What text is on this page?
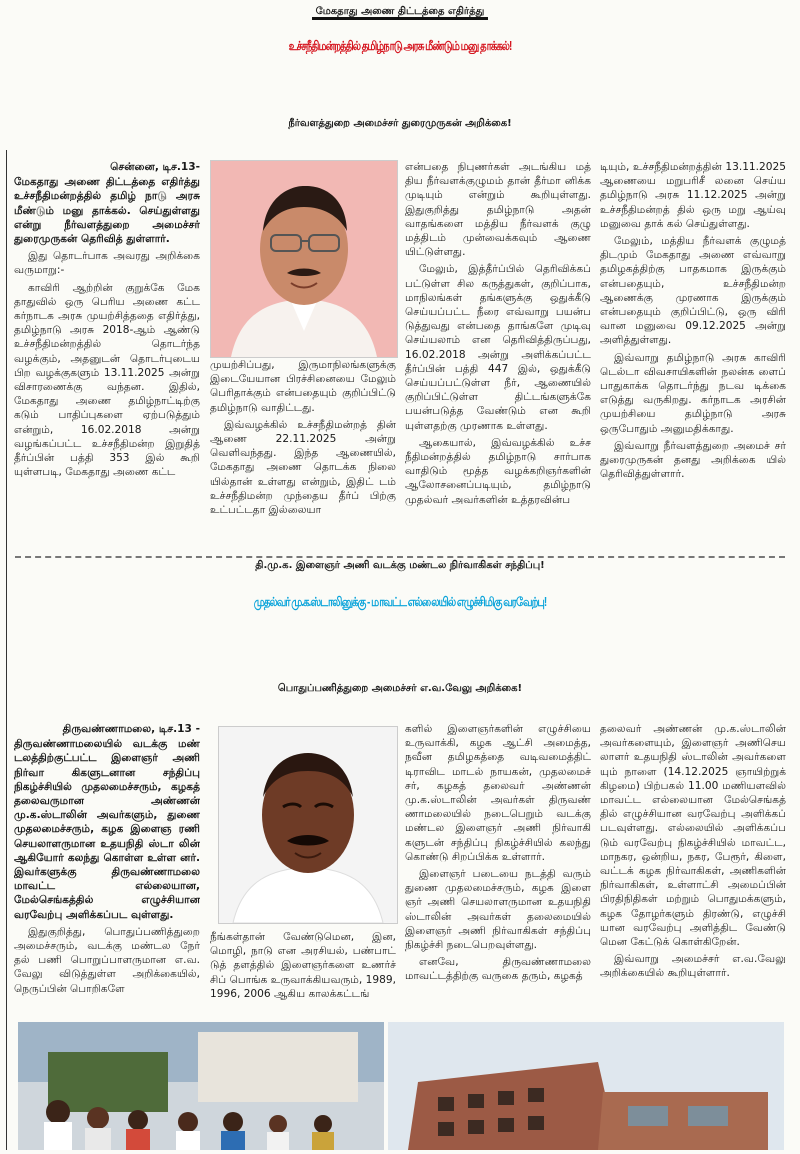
மேகதாது அணை திட்டத்தை எதிர்த்து
உச்சநீதிமன்றத்தில் தமிழ்நாடு அரசு மீண்டும் மனு தாக்கல்!
நீர்வளத்துறை அமைச்சர் துரைமுருகன் அறிக்கை!
சென்னை, டிச.13-

மேகதாது அணை திட்டத்தை எதிர்த்து உச்சநீதிமன்றத்தில் தமிழ் நாடு அரசு மீண்டும் மனு தாக்கல். செய்துள்ளது என்று நீர்வளத்துறை அமைச்சர் துரைமுருகன் தெரிவித் துள்ளார்.

இது தொடர்பாக அவரது அறிக்கை வருமாறு:-

காவிரி ஆற்றின் குறுக்கே மேக தாதுவில் ஒரு பெரிய அணை கட்ட கர்நாடக அரசு முயற்சித்ததை எதிர்த்து, தமிழ்நாடு அரசு 2018-ஆம் ஆண்டு உச்சநீதிமன்றத்தில் தொடர்ந்த வழக்கும், அதனுடன் தொடர்புடைய பிற வழக்குகளும் 13.11.2025 அன்று விசாரணைக்கு வந்தன. இதில், மேகதாது அணை தமிழ்நாட்டிற்கு கடும் பாதிப்புகளை ஏற்படுத்தும் என்றும், 16.02.2018 அன்று வழங்கப்பட்ட உச்சநீதிமன்ற இறுதித் தீர்ப்பின் பத்தி 353 இல் கூறி யுள்ளபடி, மேகதாது அணை கட்ட

முயற்சிப்பது, இருமாநிலங்களுக்கு இடையேயான பிரச்சினையை மேலும் பெரிதாக்கும் என்பதையும் குறிப்பிட்டு தமிழ்நாடு வாதிட்டது.

இவ்வழக்கில் உச்சநீதிமன்றத் தின் ஆணை 22.11.2025 அன்று வெளிவந்தது. இந்த ஆணையில், மேகதாது அணை தொடக்க நிலை யில்தான் உள்ளது என்றும், இதிட் டம் உச்சநீதிமன்ற முந்தைய தீர்ப் பிற்கு உட்பட்டதா இல்லையா

என்பதை நிபுணர்கள் அடங்கிய மத் திய நீர்வளக்குழுமம் தான் தீர்மா னிக்க முடியும் என்றும் கூறியுள்ளது. இதுகுறித்து தமிழ்நாடு அதன் வாதங்களை மத்திய நீர்வளக் குழு மத்திடம் முன்வைக்கவும் ஆணை யிட்டுள்ளது.

மேலும், இத்தீர்ப்பில் தெரிவிக்கப் பட்டுள்ள சில கருத்துகள், குறிப்பாக, மாநிலங்கள் தங்களுக்கு ஒதுக்கீடு செய்யப்பட்ட நீரை எவ்வாறு பயன்ப டுத்துவது என்பதை தாங்களே முடிவு செய்யலாம் என தெரிவித்திருப்பது, 16.02.2018 அன்று அளிக்கப்பட்ட தீர்ப்பின் பத்தி 447 இல், ஒதுக்கீடு செய்யப்பட்டுள்ள நீர், ஆணையில் குறிப்பிட்டுள்ள திட்டங்களுக்கே பயன்படுத்த வேண்டும் என கூறி யுள்ளதற்கு முரணாக உள்ளது.

ஆகையால், இவ்வழக்கில் உச்ச நீதிமன்றத்தில் தமிழ்நாடு சார்பாக வாதிடும் மூத்த வழக்கறிஞர்களின் ஆலோசனைப்படியும், தமிழ்நாடு முதல்வர் அவர்களின் உத்தரவின்ப

டியும், உச்சநீதிமன்றத்தின் 13.11.2025 ஆணையை மறுபரிசீ லனை செய்ய தமிழ்நாடு அரசு 11.12.2025 அன்று உச்சநீதிமன்றத் தில் ஒரு மறு ஆய்வு மனுவை தாக் கல் செய்துள்ளது.

மேலும், மத்திய நீர்வளக் குழுமத் திடமும் மேகதாது அணை எவ்வாறு தமிழகத்திற்கு பாதகமாக இருக்கும் என்பதையும், உச்சநீதிமன்ற ஆணைக்கு முரணாக இருக்கும் என்பதையும் குறிப்பிட்டு, ஒரு விரி வான மனுவை 09.12.2025 அன்று அளித்துள்ளது.

இவ்வாறு தமிழ்நாடு அரசு காவிரி டெல்டா விவசாயிகளின் நலன்க ளைப் பாதுகாக்க தொடர்ந்து நடவ டிக்கை எடுத்து வருகிறது. கர்நாடக அரசின் முயற்சியை தமிழ்நாடு அரசு ஒருபோதும் அனுமதிக்காது.

இவ்வாறு நீர்வளத்துறை அமைச் சர் துரைமுருகன் தனது அறிக்கை யில் தெரிவித்துள்ளார்.

தி.மு.க. இளைஞர் அணி வடக்கு மண்டல நிர்வாகிகள் சந்திப்பு!
முதல்வர் மு.க.ஸ்டாலினுக்கு - மாவட்ட எல்லையில் எழுச்சிமிகு வரவேற்பு!
பொதுப்பணித்துறை அமைச்சர் எ.வ.வேலு அறிக்கை!
திருவண்ணாமலை, டிச.13 -

திருவண்ணாமலையில் வடக்கு மண் டலத்திற்குட்பட்ட இளைஞர் அணி நிர்வா கிகளுடனான சந்திப்பு நிகழ்ச்சியில் முதலமைச்சரும், கழகத் தலைவருமான அண்ணன் மு.க.ஸ்டாலின் அவர்களும், துணை முதலமைச்சரும், கழக இளைஞ ரணி செயலாளருமான உதயநிதி ஸ்டா லின் ஆகியோர் கலந்து கொள்ள உள்ள னர். இவர்களுக்கு திருவண்ணாமலை மாவட்ட எல்லையான, மேல்செங்கத்தில் எழுச்சியான வரவேற்பு அளிக்கப்பட வுள்ளது.

இதுகுறித்து, பொதுப்பணித்துறை அமைச்சரும், வடக்கு மண்டல நேர் தல் பணி பொறுப்பாளருமான எ.வ. வேலு விடுத்துள்ள அறிக்கையில், நெருப்பின் பொறிகளே

நீங்கள்தான் வேண்டுமென, இன, மொழி, நாடு என அரசியல், பண்பாட் டுத் தளத்தில் இளைஞர்களை உணர்ச் சிப் பொங்க உருவாக்கியவரும், 1989, 1996, 2006 ஆகிய காலக்கட்டங்

களில் இளைஞர்களின் எழுச்சியை உருவாக்கி, கழக ஆட்சி அமைத்த, நவீன தமிழகத்தை வடிவமைத்திட் டிராவிட மாடல் நாயகன், முதலமைச் சர், கழகத் தலைவர் அண்ணன் மு.க.ஸ்டாலின் அவர்கள் திருவண் ணாமலையில் நடைபெறும் வடக்கு மண்டல இளைஞர் அணி நிர்வாகி களுடன் சந்திப்பு நிகழ்ச்சியில் கலந்து கொண்டு சிறப்பிக்க உள்ளார்.

இளைஞர் படையை நடத்தி வரும் துணை முதலமைச்சரும், கழக இளை ஞர் அணி செயலாளருமான உதயநிதி ஸ்டாலின் அவர்கள் தலைமையில் இளைஞர் அணி நிர்வாகிகள் சந்திப்பு நிகழ்ச்சி நடைபெறவுள்ளது.

எனவே, திருவண்ணாமலை மாவட்டத்திற்கு வருகை தரும், கழகத்

தலைவர் அண்ணன் மு.க.ஸ்டாலின் அவர்களையும், இளைஞர் அணிசெய லாளர் உதயநிதி ஸ்டாலின் அவர்களை யும் நாளை (14.12.2025 ஞாயிற்றுக் கிழமை) பிற்பகல் 11.00 மணியளவில் மாவட்ட எல்லையான மேல்செங்கத் தில் எழுச்சியான வரவேற்பு அளிக்கப் படவுள்ளது. எல்லையில் அளிக்கப்ப டும் வரவேற்பு நிகழ்ச்சியில் மாவட்ட, மாநகர, ஒன்றிய, நகர, பேரூர், கிளை, வட்டக் கழக நிர்வாகிகள், அணிகளின் நிர்வாகிகள், உள்ளாட்சி அமைப்பின் பிரதிநிதிகள் மற்றும் பொதுமக்களும், கழக தோழர்களும் திரண்டு, எழுச்சி யான வரவேற்பு அளித்திட வேண்டு மென கேட்டுக் கொள்கிறேன்.

இவ்வாறு அமைச்சர் எ.வ.வேலு அறிக்கையில் கூறியுள்ளார்.
